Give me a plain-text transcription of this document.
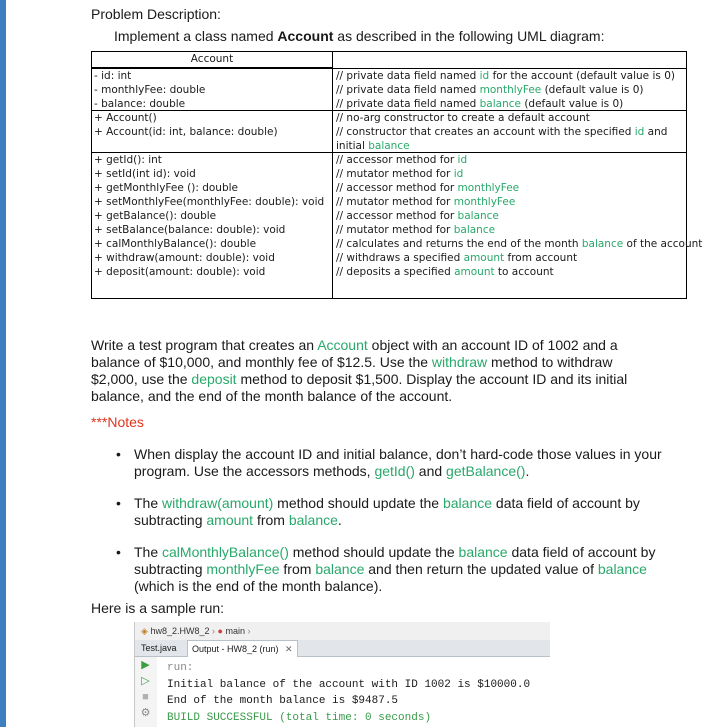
Problem Description:
Implement a class named Account as described in the following UML diagram:
Account
- id: int	// private data field named id for the account (default value is 0)
- monthlyFee: double	// private data field named monthlyFee (default value is 0)
- balance: double	// private data field named balance (default value is 0)
+ Account()	// no-arg constructor to create a default account
+ Account(id: int, balance: double)	// constructor that creates an account with the specified id and
initial balance
+ getId(): int	// accessor method for id
+ setId(int id): void	// mutator method for id
+ getMonthlyFee (): double	// accessor method for monthlyFee
+ setMonthlyFee(monthlyFee: double): void // mutator method for monthlyFee
+ getBalance(): double	// accessor method for balance
+ setBalance(balance: double): void	// mutator method for balance
+ calMonthlyBalance(): double	// calculates and returns the end of the month balance of the account
+ withdraw(amount: double): void	// withdraws a specified amount from account
+ deposit(amount: double): void	// deposits a specified amount to account
Write a test program that creates an Account object with an account ID of 1002 and a balance of $10,000, and monthly fee of $12.5. Use the withdraw method to withdraw $2,000, use the deposit method to deposit $1,500. Display the account ID and its initial balance, and the end of the month balance of the account.
***Notes
• When display the account ID and initial balance, don’t hard-code those values in your program. Use the accessors methods, getId() and getBalance().
• The withdraw(amount) method should update the balance data field of account by subtracting amount from balance.
• The calMonthlyBalance() method should update the balance data field of account by subtracting monthlyFee from balance and then return the updated value of balance (which is the end of the month balance).
Here is a sample run:
◈ hw8_2.HW8_2 › ● main ›
Test.java	Output - HW8_2 (run) ✕
▶
▷
■
⚙
run:
Initial balance of the account with ID 1002 is $10000.0
End of the month balance is $9487.5
BUILD SUCCESSFUL (total time: 0 seconds)
